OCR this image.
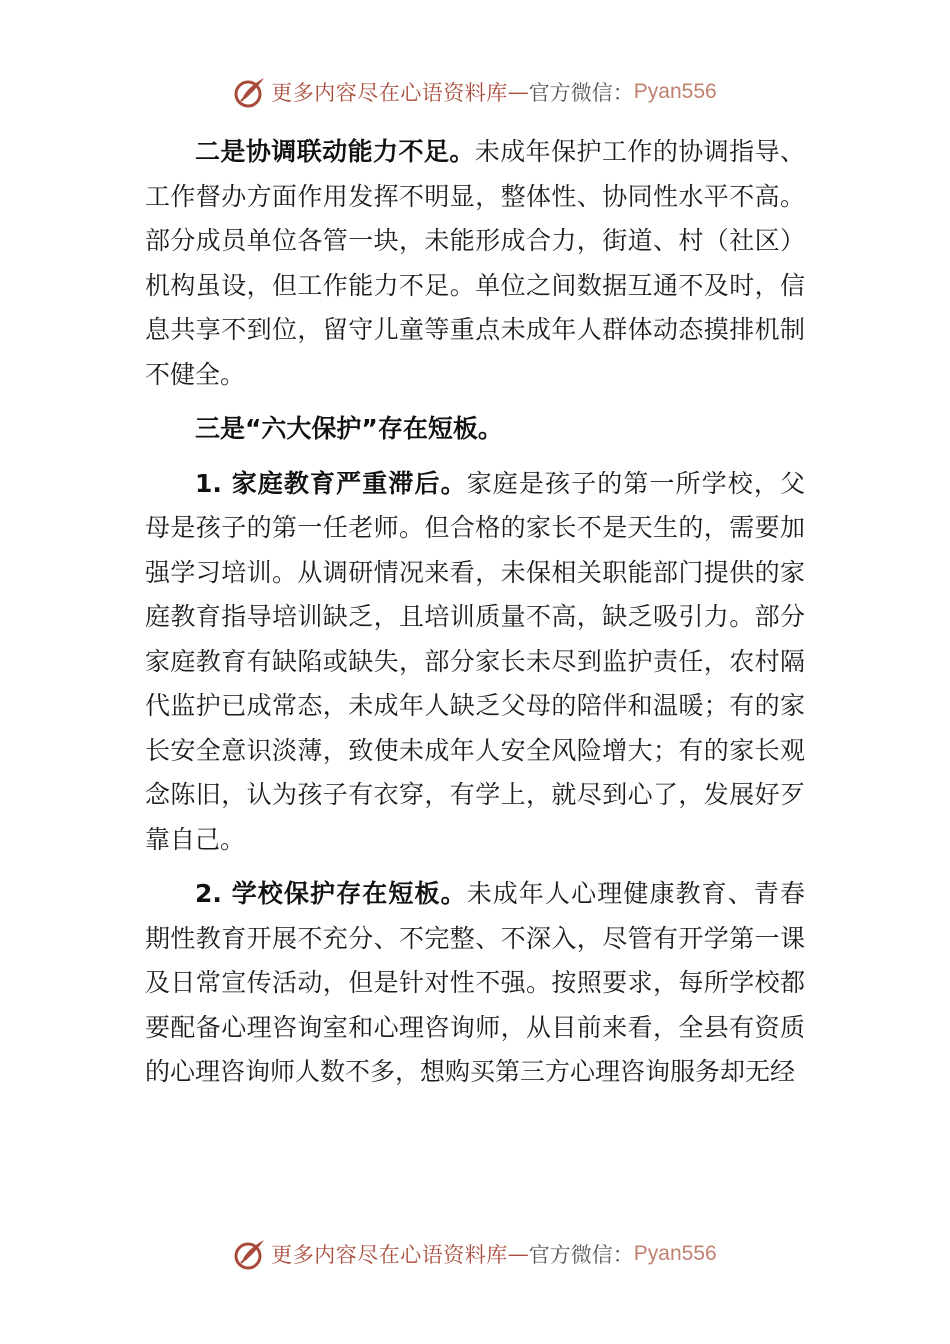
更多内容尽在心语资料库 — 官方微信： Pyan556

二是协调联动能力不足。未成年保护工作的协调指导、工作督办方面作用发挥不明显，整体性、协同性水平不高。部分成员单位各管一块，未能形成合力，街道、村（社区）机构虽设，但工作能力不足。单位之间数据互通不及时，信息共享不到位，留守儿童等重点未成年人群体动态摸排机制不健全。

三是“六大保护”存在短板。

1. 家庭教育严重滞后。家庭是孩子的第一所学校，父母是孩子的第一任老师。但合格的家长不是天生的，需要加强学习培训。从调研情况来看，未保相关职能部门提供的家庭教育指导培训缺乏，且培训质量不高，缺乏吸引力。部分家庭教育有缺陷或缺失，部分家长未尽到监护责任，农村隔代监护已成常态，未成年人缺乏父母的陪伴和温暖；有的家长安全意识淡薄，致使未成年人安全风险增大；有的家长观念陈旧，认为孩子有衣穿，有学上，就尽到心了，发展好歹靠自己。

2. 学校保护存在短板。未成年人心理健康教育、青春期性教育开展不充分、不完整、不深入，尽管有开学第一课及日常宣传活动，但是针对性不强。按照要求，每所学校都要配备心理咨询室和心理咨询师，从目前来看，全县有资质的心理咨询师人数不多，想购买第三方心理咨询服务却无经

更多内容尽在心语资料库 — 官方微信： Pyan556
